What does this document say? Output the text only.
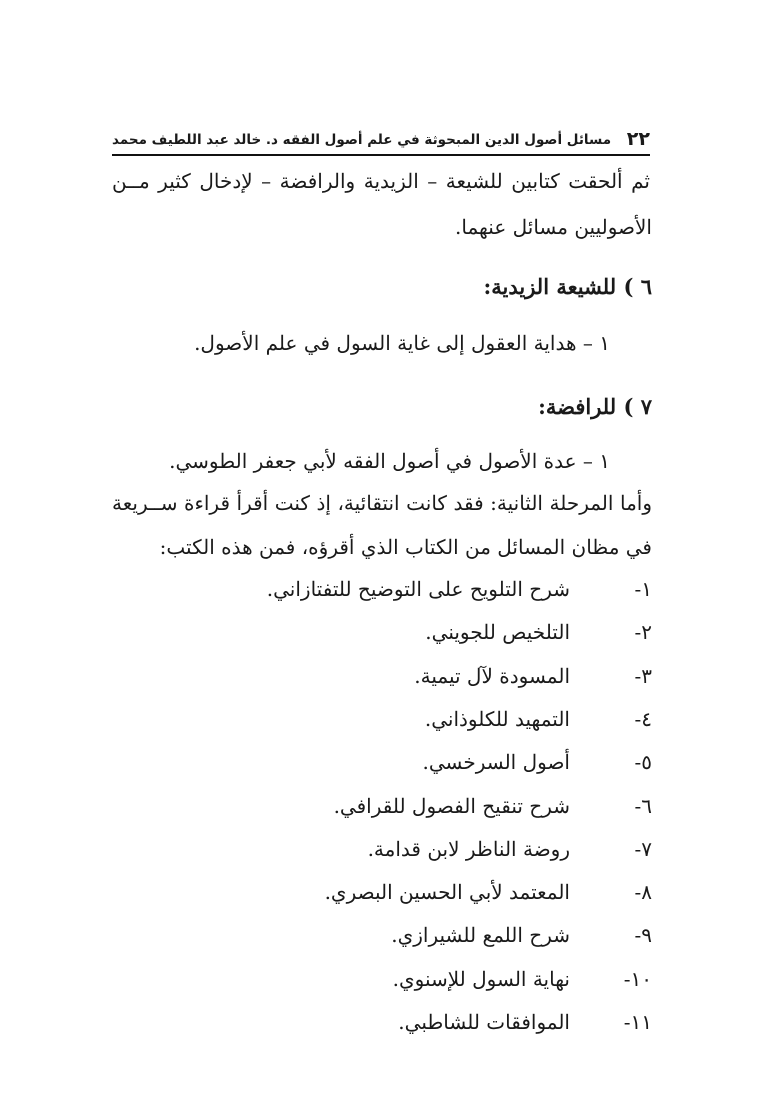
٢٢
مسائل أصول الدين المبحوثة في علم أصول الفقه د. خالد عبد اللطيف محمد
ثم ألحقت كتابين للشيعة – الزيدية والرافضة – لإدخال كثير مــن
الأصوليين مسائل عنهما.
٦ ) للشيعة الزيدية:
١ – هداية العقول إلى غاية السول في علم الأصول.
٧ ) للرافضة:
١ – عدة الأصول في أصول الفقه لأبي جعفر الطوسي.
وأما المرحلة الثانية: فقد كانت انتقائية، إذ كنت أقرأ قراءة ســريعة
في مظان المسائل من الكتاب الذي أقرؤه، فمن هذه الكتب:
١-
شرح التلويح على التوضيح للتفتازاني.
٢-
التلخيص للجويني.
٣-
المسودة لآل تيمية.
٤-
التمهيد للكلوذاني.
٥-
أصول السرخسي.
٦-
شرح تنقيح الفصول للقرافي.
٧-
روضة الناظر لابن قدامة.
٨-
المعتمد لأبي الحسين البصري.
٩-
شرح اللمع للشيرازي.
١٠-
نهاية السول للإسنوي.
١١-
الموافقات للشاطبي.
